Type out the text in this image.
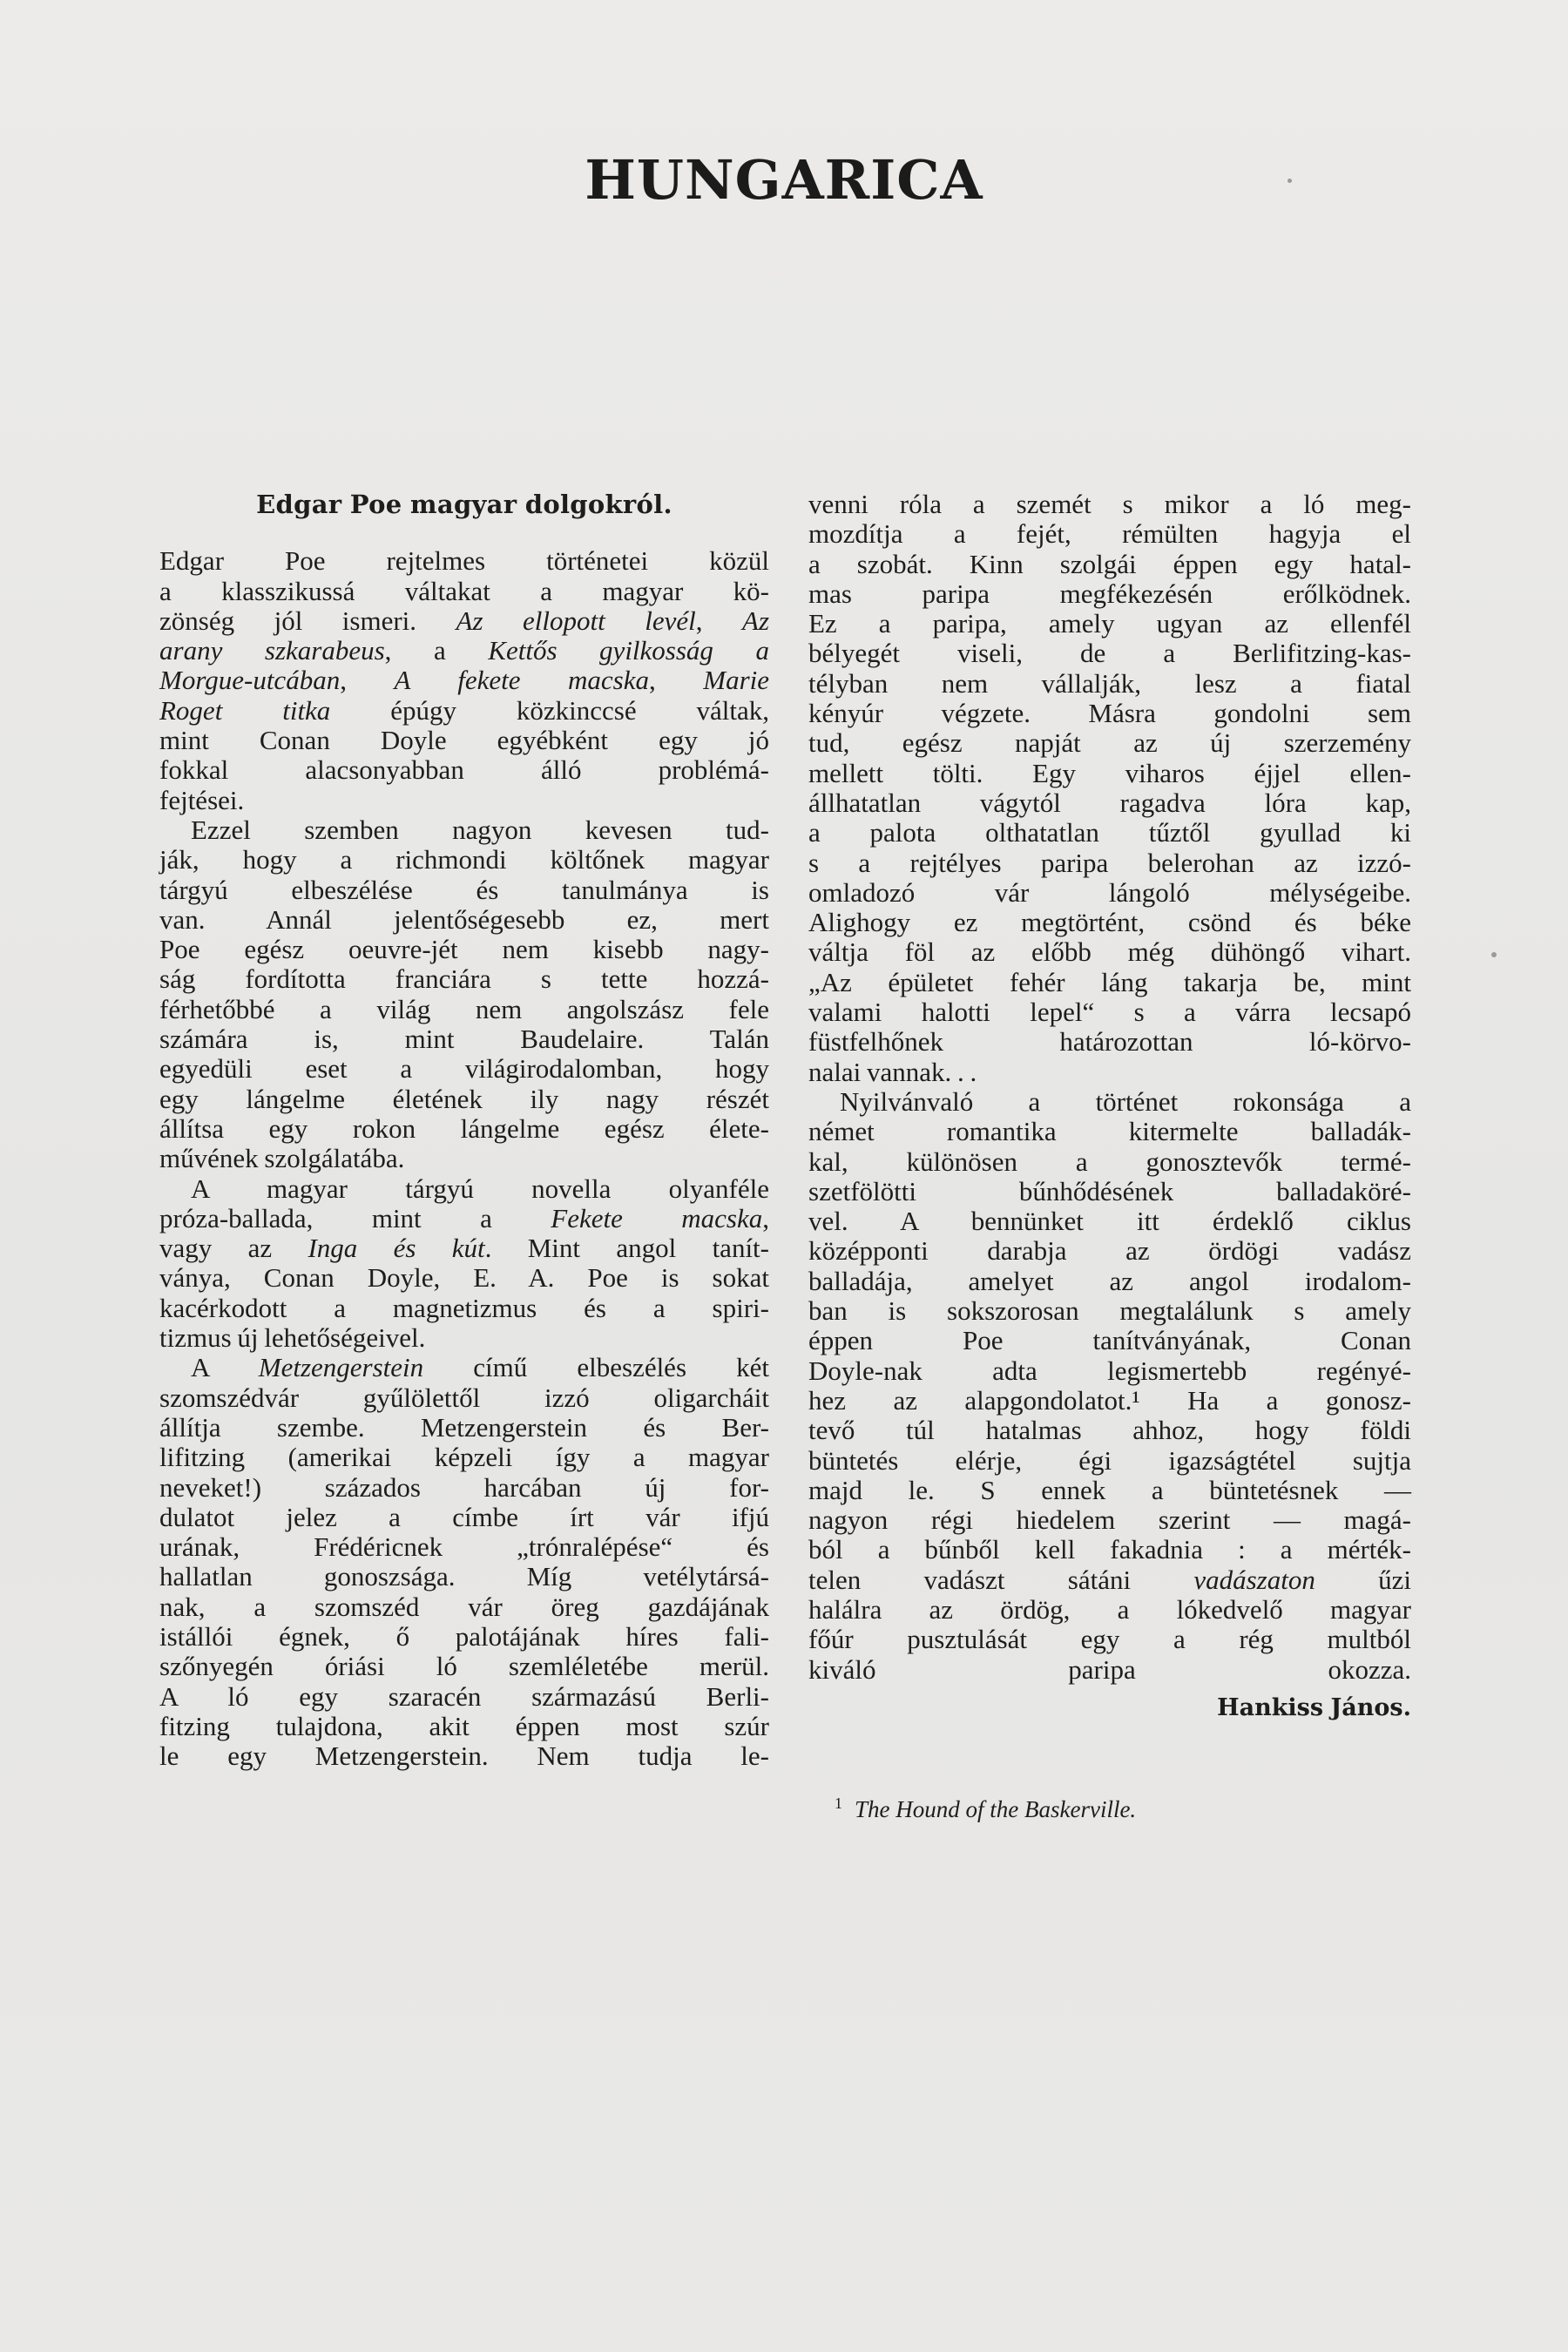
HUNGARICA
Edgar Poe magyar dolgokról.
Edgar Poe rejtelmes történetei közül
a klasszikussá váltakat a magyar kö-
zönség jól ismeri. Az ellopott levél, Az
arany szkarabeus, a Kettős gyilkosság a
Morgue-utcában, A fekete macska, Marie
Roget titka épúgy közkinccsé váltak,
mint Conan Doyle egyébként egy jó
fokkal alacsonyabban álló problémá-
fejtései.
Ezzel szemben nagyon kevesen tud-
ják, hogy a richmondi költőnek magyar
tárgyú elbeszélése és tanulmánya is
van. Annál jelentőségesebb ez, mert
Poe egész oeuvre-jét nem kisebb nagy-
ság fordította franciára s tette hozzá-
férhetőbbé a világ nem angolszász fele
számára is, mint Baudelaire. Talán
egyedüli eset a világirodalomban, hogy
egy lángelme életének ily nagy részét
állítsa egy rokon lángelme egész élete-
művének szolgálatába.
A magyar tárgyú novella olyanféle
próza-ballada, mint a Fekete macska,
vagy az Inga és kút. Mint angol tanít-
ványa, Conan Doyle, E. A. Poe is sokat
kacérkodott a magnetizmus és a spiri-
tizmus új lehetőségeivel.
A Metzengerstein című elbeszélés két
szomszédvár gyűlölettől izzó oligarcháit
állítja szembe. Metzengerstein és Ber-
lifitzing (amerikai képzeli így a magyar
neveket!) százados harcában új for-
dulatot jelez a címbe írt vár ifjú
urának, Frédéricnek „trónralépése“ és
hallatlan gonoszsága. Míg vetélytársá-
nak, a szomszéd vár öreg gazdájának
istállói égnek, ő palotájának híres fali-
szőnyegén óriási ló szemléletébe merül.
A ló egy szaracén származású Berli-
fitzing tulajdona, akit éppen most szúr
le egy Metzengerstein. Nem tudja le-
venni róla a szemét s mikor a ló meg-
mozdítja a fejét, rémülten hagyja el
a szobát. Kinn szolgái éppen egy hatal-
mas paripa megfékezésén erőlködnek.
Ez a paripa, amely ugyan az ellenfél
bélyegét viseli, de a Berlifitzing-kas-
télyban nem vállalják, lesz a fiatal
kényúr végzete. Másra gondolni sem
tud, egész napját az új szerzemény
mellett tölti. Egy viharos éjjel ellen-
állhatatlan vágytól ragadva lóra kap,
a palota olthatatlan tűztől gyullad ki
s a rejtélyes paripa belerohan az izzó-
omladozó vár lángoló mélységeibe.
Alighogy ez megtörtént, csönd és béke
váltja föl az előbb még dühöngő vihart.
„Az épületet fehér láng takarja be, mint
valami halotti lepel“ s a várra lecsapó
füstfelhőnek határozottan ló-körvo-
nalai vannak. . .
Nyilvánvaló a történet rokonsága a
német romantika kitermelte balladák-
kal, különösen a gonosztevők termé-
szetfölötti bűnhődésének balladaköré-
vel. A bennünket itt érdeklő ciklus
középponti darabja az ördögi vadász
balladája, amelyet az angol irodalom-
ban is sokszorosan megtalálunk s amely
éppen Poe tanítványának, Conan
Doyle-nak adta legismertebb regényé-
hez az alapgondolatot.¹ Ha a gonosz-
tevő túl hatalmas ahhoz, hogy földi
büntetés elérje, égi igazságtétel sujtja
majd le. S ennek a büntetésnek —
nagyon régi hiedelem szerint — magá-
ból a bűnből kell fakadnia : a mérték-
telen vadászt sátáni vadászaton űzi
halálra az ördög, a lókedvelő magyar
főúr pusztulását egy a rég multból
kiváló paripa okozza.
Hankiss János.
$^1$ The Hound of the Baskerville.
